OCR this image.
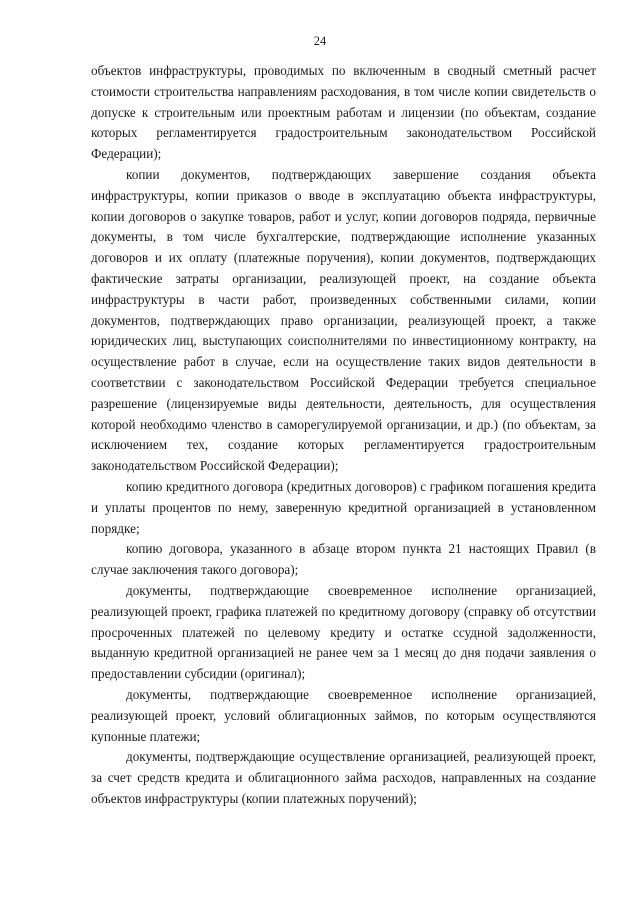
24

объектов инфраструктуры, проводимых по включенным в сводный сметный расчет стоимости строительства направлениям расходования, в том числе копии свидетельств о допуске к строительным или проектным работам и лицензии (по объектам, создание которых регламентируется градостроительным законодательством Российской Федерации);

копии документов, подтверждающих завершение создания объекта инфраструктуры, копии приказов о вводе в эксплуатацию объекта инфраструктуры, копии договоров о закупке товаров, работ и услуг, копии договоров подряда, первичные документы, в том числе бухгалтерские, подтверждающие исполнение указанных договоров и их оплату (платежные поручения), копии документов, подтверждающих фактические затраты организации, реализующей проект, на создание объекта инфраструктуры в части работ, произведенных собственными силами, копии документов, подтверждающих право организации, реализующей проект, а также юридических лиц, выступающих соисполнителями по инвестиционному контракту, на осуществление работ в случае, если на осуществление таких видов деятельности в соответствии с законодательством Российской Федерации требуется специальное разрешение (лицензируемые виды деятельности, деятельность, для осуществления которой необходимо членство в саморегулируемой организации, и др.) (по объектам, за исключением тех, создание которых регламентируется градостроительным законодательством Российской Федерации);

копию кредитного договора (кредитных договоров) с графиком погашения кредита и уплаты процентов по нему, заверенную кредитной организацией в установленном порядке;

копию договора, указанного в абзаце втором пункта 21 настоящих Правил (в случае заключения такого договора);

документы, подтверждающие своевременное исполнение организацией, реализующей проект, графика платежей по кредитному договору (справку об отсутствии просроченных платежей по целевому кредиту и остатке ссудной задолженности, выданную кредитной организацией не ранее чем за 1 месяц до дня подачи заявления о предоставлении субсидии (оригинал);

документы, подтверждающие своевременное исполнение организацией, реализующей проект, условий облигационных займов, по которым осуществляются купонные платежи;

документы, подтверждающие осуществление организацией, реализующей проект, за счет средств кредита и облигационного займа расходов, направленных на создание объектов инфраструктуры (копии платежных поручений);
